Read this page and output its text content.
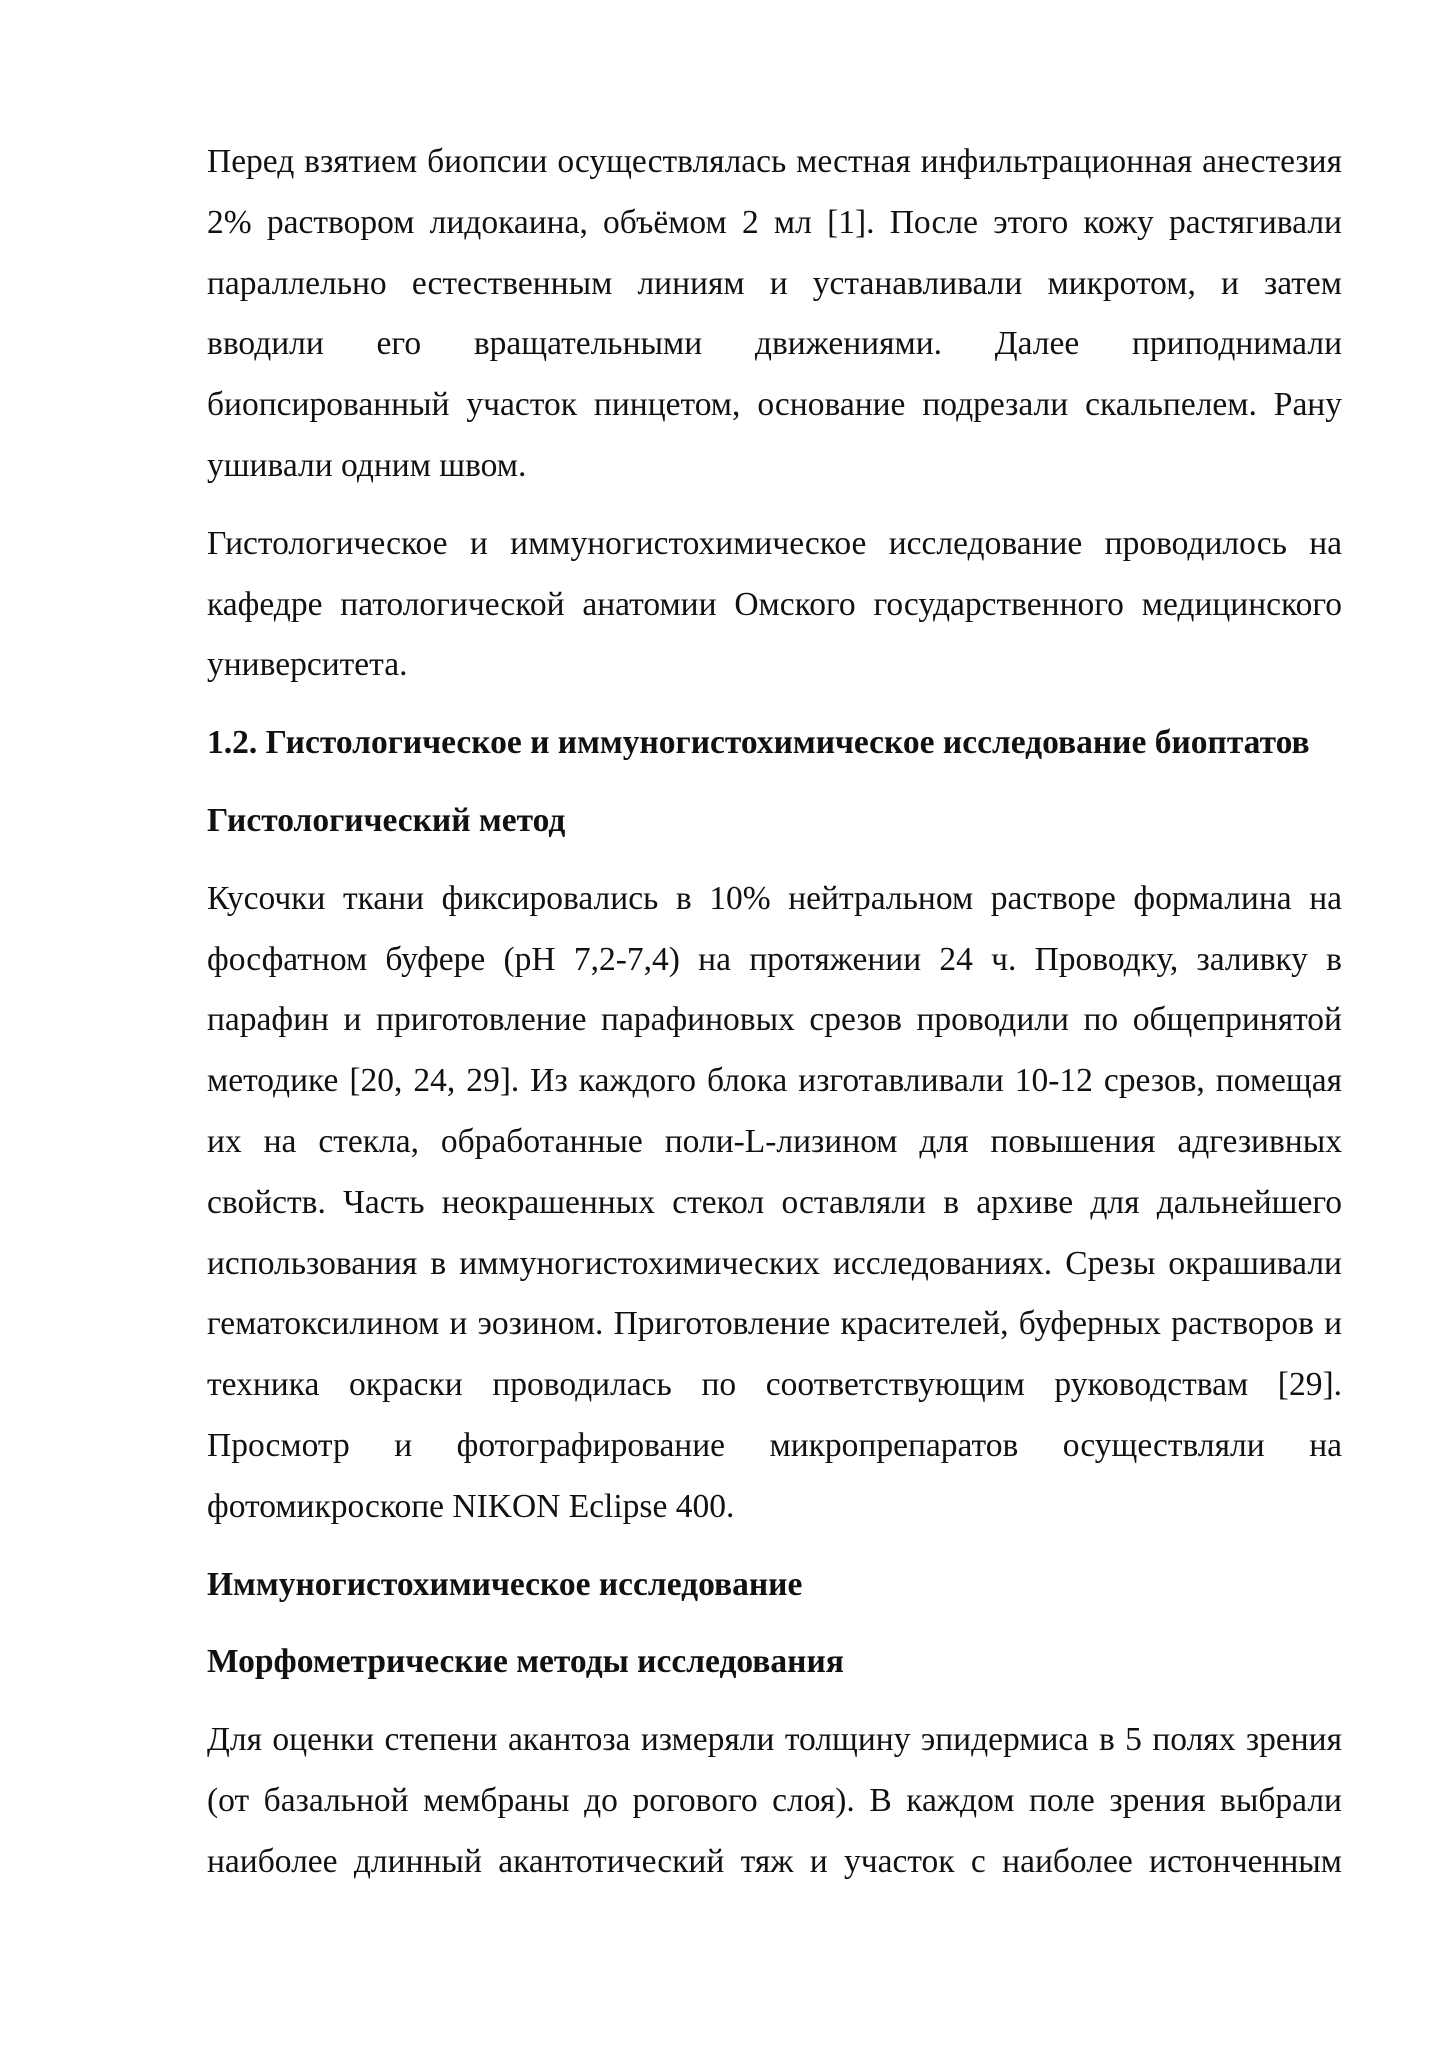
Перед взятием биопсии осуществлялась местная инфильтрационная анестезия 2% раствором лидокаина, объёмом 2 мл [1]. После этого кожу растягивали параллельно естественным линиям и устанавливали микротом, и затем вводили его вращательными движениями. Далее приподнимали биопсированный участок пинцетом, основание подрезали скальпелем. Рану ушивали одним швом.

Гистологическое и иммуногистохимическое исследование проводилось на кафедре патологической анатомии Омского государственного медицинского университета.

1.2. Гистологическое и иммуногистохимическое исследование биоптатов

Гистологический метод

Кусочки ткани фиксировались в 10% нейтральном растворе формалина на фосфатном буфере (pH 7,2-7,4) на протяжении 24 ч. Проводку, заливку в парафин и приготовление парафиновых срезов проводили по общепринятой методике [20, 24, 29]. Из каждого блока изготавливали 10-12 срезов, помещая их на стекла, обработанные поли-L-лизином для повышения адгезивных свойств. Часть неокрашенных стекол оставляли в архиве для дальнейшего использования в иммуногистохимических исследованиях. Срезы окрашивали гематоксилином и эозином. Приготовление красителей, буферных растворов и техника окраски проводилась по соответствующим руководствам [29]. Просмотр и фотографирование микропрепаратов осуществляли на фотомикроскопе NIKON Eclipse 400.

Иммуногистохимическое исследование

Морфометрические методы исследования

Для оценки степени акантоза измеряли толщину эпидермиса в 5 полях зрения (от базальной мембраны до рогового слоя). В каждом поле зрения выбрали наиболее длинный акантотический тяж и участок с наиболее истонченным
